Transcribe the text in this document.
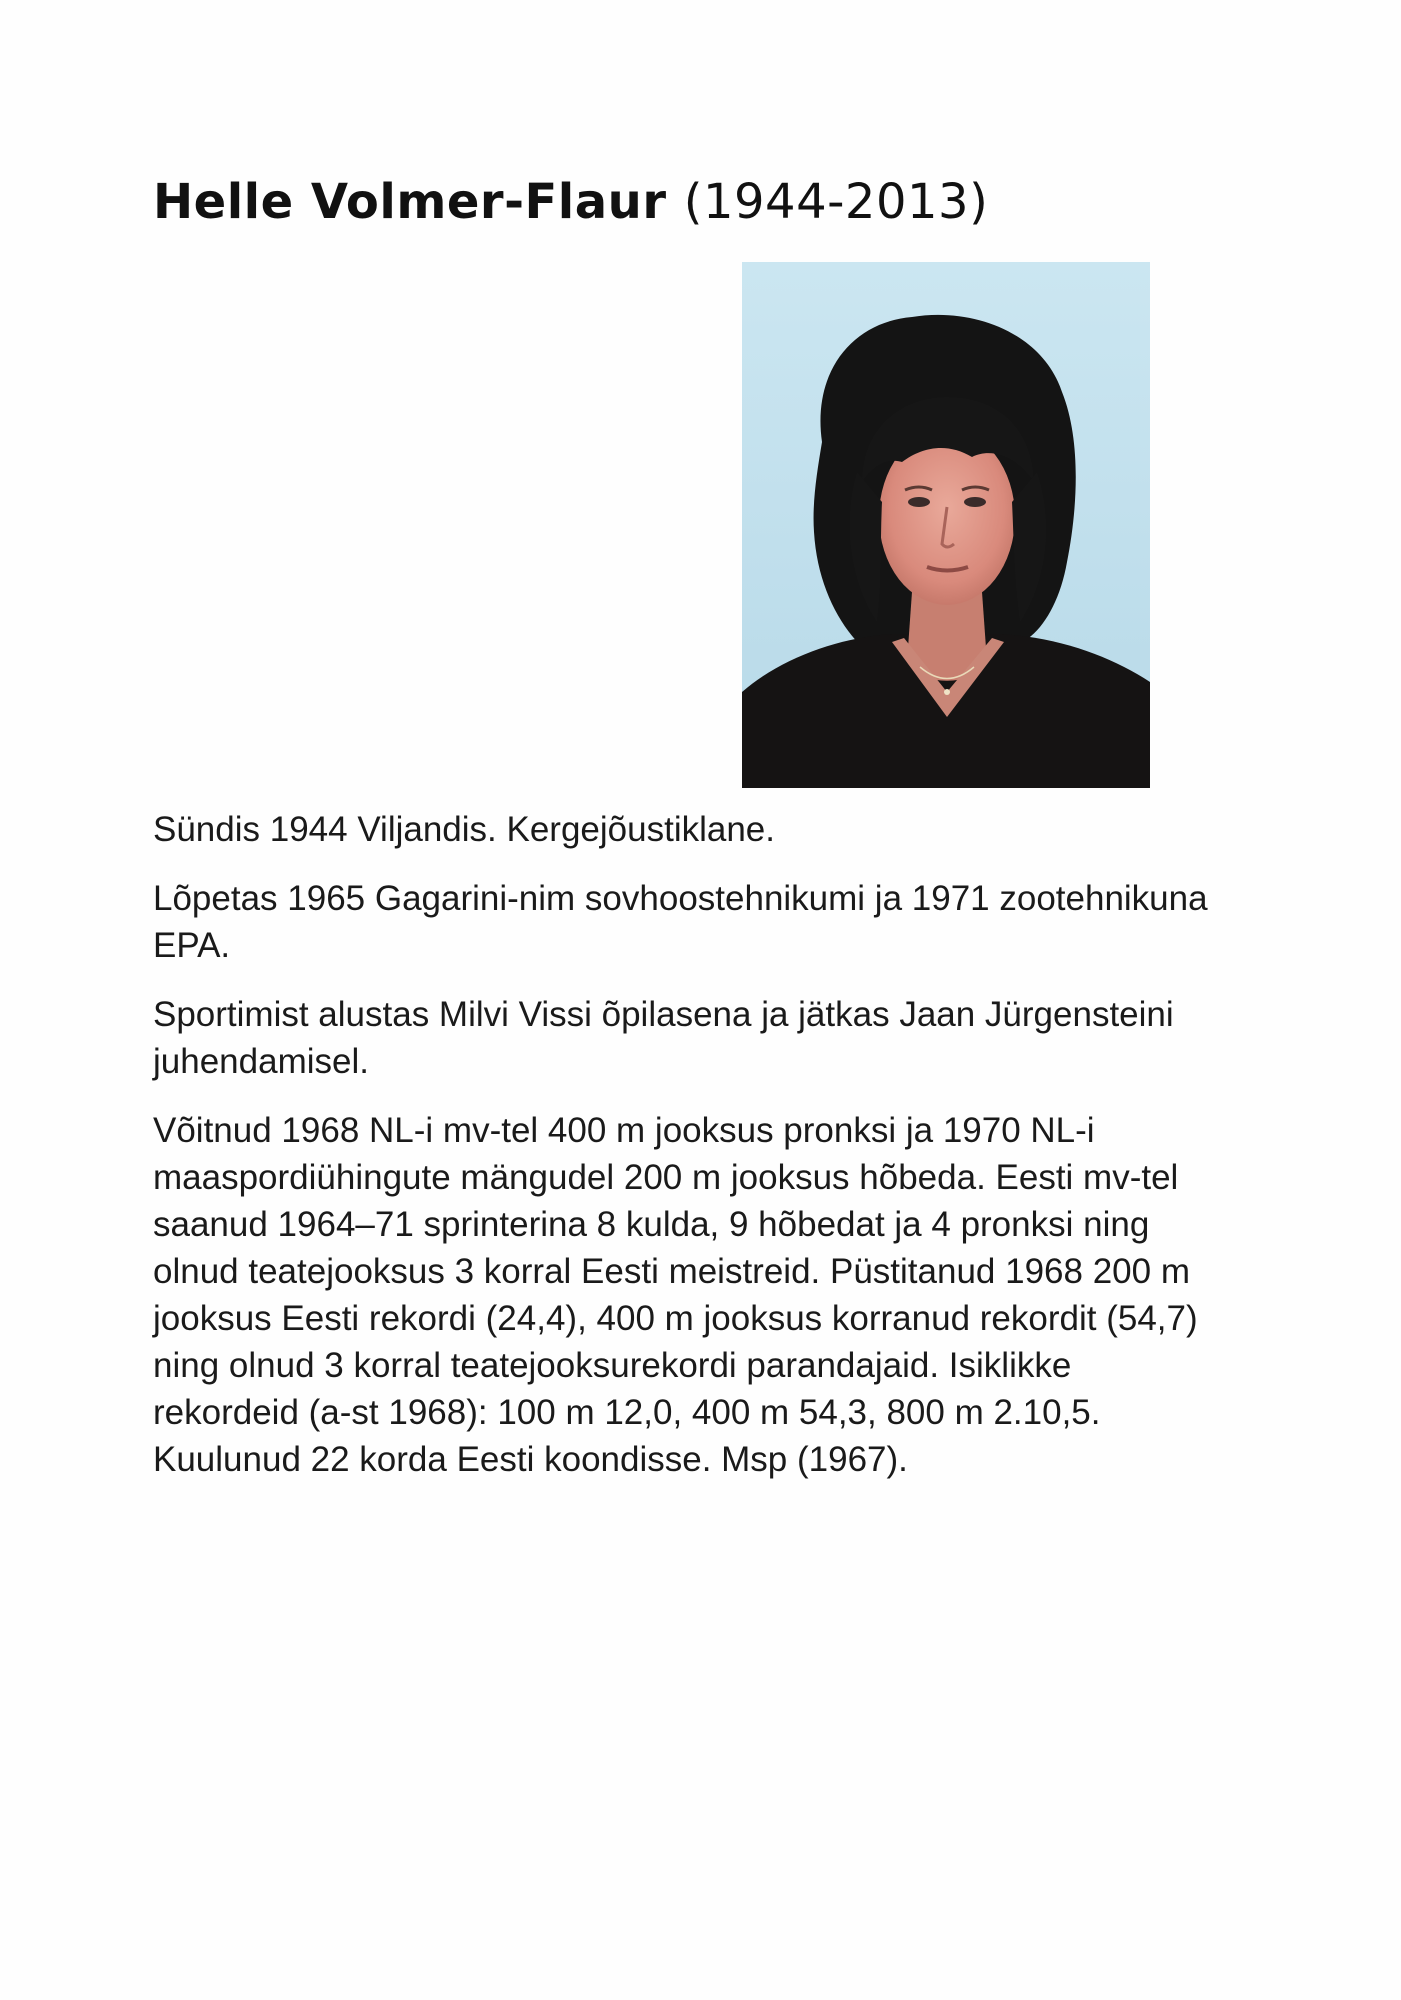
Helle Volmer-Flaur (1944-2013)

Sündis 1944 Viljandis. Kergejõustiklane.

Lõpetas 1965 Gagarini-nim sovhoostehnikumi ja 1971 zootehnikuna EPA.

Sportimist alustas Milvi Vissi õpilasena ja jätkas Jaan Jürgensteini juhendamisel.

Võitnud 1968 NL-i mv-tel 400 m jooksus pronksi ja 1970 NL-i maaspordiühingute mängudel 200 m jooksus hõbeda. Eesti mv-tel saanud 1964–71 sprinterina 8 kulda, 9 hõbedat ja 4 pronksi ning olnud teatejooksus 3 korral Eesti meistreid. Püstitanud 1968 200 m jooksus Eesti rekordi (24,4), 400 m jooksus korranud rekordit (54,7) ning olnud 3 korral teatejooksurekordi parandajaid. Isiklikke rekordeid (a-st 1968): 100 m 12,0, 400 m 54,3, 800 m 2.10,5. Kuulunud 22 korda Eesti koondisse. Msp (1967).
